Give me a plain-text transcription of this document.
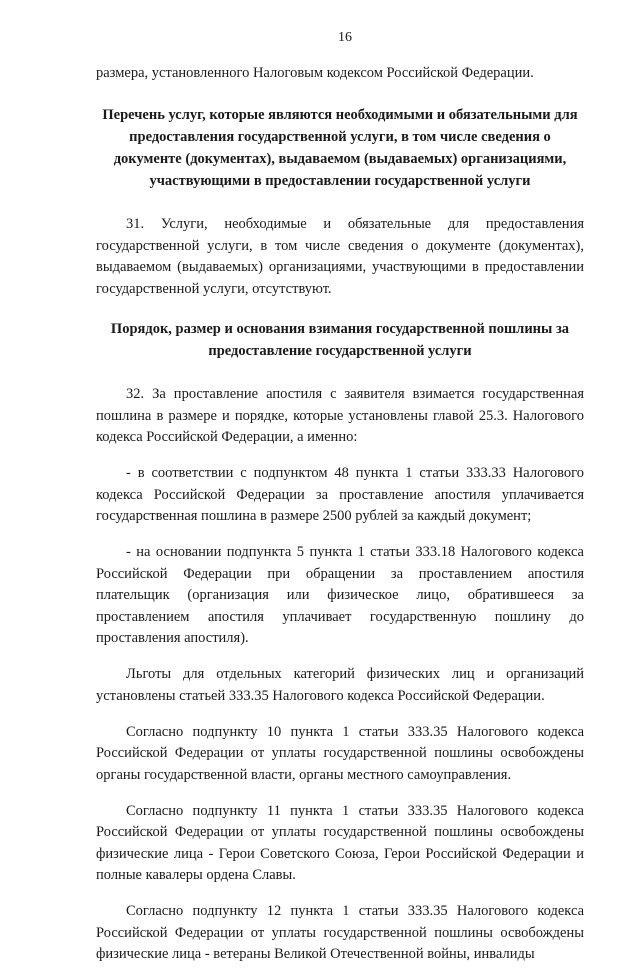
16
размера, установленного Налоговым кодексом Российской Федерации.
Перечень услуг, которые являются необходимыми и обязательными для предоставления государственной услуги, в том числе сведения о документе (документах), выдаваемом (выдаваемых) организациями, участвующими в предоставлении государственной услуги

31. Услуги, необходимые и обязательные для предоставления государственной услуги, в том числе сведения о документе (документах), выдаваемом (выдаваемых) организациями, участвующими в предоставлении государственной услуги, отсутствуют.

Порядок, размер и основания взимания государственной пошлины за предоставление государственной услуги

32. За проставление апостиля с заявителя взимается государственная пошлина в размере и порядке, которые установлены главой 25.3. Налогового кодекса Российской Федерации, а именно:

- в соответствии с подпунктом 48 пункта 1 статьи 333.33 Налогового кодекса Российской Федерации за проставление апостиля уплачивается государственная пошлина в размере 2500 рублей за каждый документ;

- на основании подпункта 5 пункта 1 статьи 333.18 Налогового кодекса Российской Федерации при обращении за проставлением апостиля плательщик (организация или физическое лицо, обратившееся за проставлением апостиля уплачивает государственную пошлину до проставления апостиля).

Льготы для отдельных категорий физических лиц и организаций установлены статьей 333.35 Налогового кодекса Российской Федерации.

Согласно подпункту 10 пункта 1 статьи 333.35 Налогового кодекса Российской Федерации от уплаты государственной пошлины освобождены органы государственной власти, органы местного самоуправления.

Согласно подпункту 11 пункта 1 статьи 333.35 Налогового кодекса Российской Федерации от уплаты государственной пошлины освобождены физические лица - Герои Советского Союза, Герои Российской Федерации и полные кавалеры ордена Славы.

Согласно подпункту 12 пункта 1 статьи 333.35 Налогового кодекса Российской Федерации от уплаты государственной пошлины освобождены физические лица - ветераны Великой Отечественной войны, инвалиды
